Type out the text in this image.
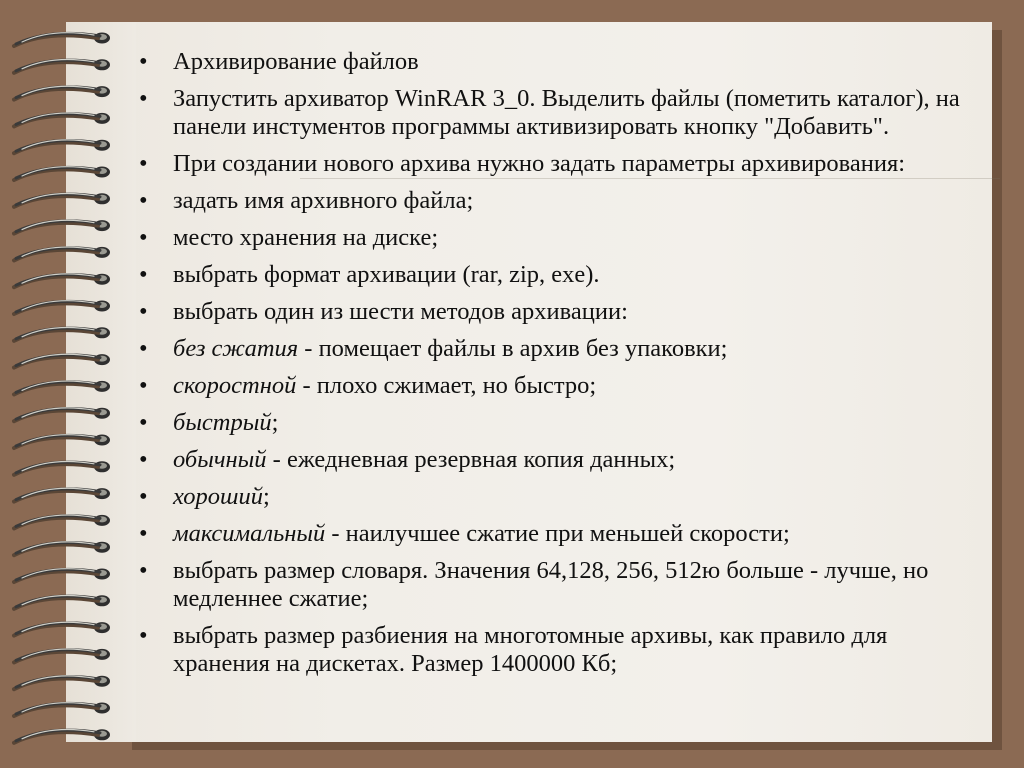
•	Архивирование файлов
•	Запустить архиватор WinRAR 3_0. Выделить файлы (пометить каталог), на панели инстументов программы активизировать кнопку "Добавить".
•	При создании нового архива нужно задать параметры архивирования:
•	задать имя архивного файла;
•	место хранения на диске;
•	выбрать формат архивации (rar, zip, exe).
•	выбрать один из шести методов архивации:
•	без сжатия - помещает файлы в архив без упаковки;
•	скоростной - плохо сжимает, но быстро;
•	быстрый;
•	обычный - ежедневная резервная копия данных;
•	хороший;
•	максимальный - наилучшее сжатие при меньшей скорости;
•	выбрать размер словаря. Значения 64,128, 256, 512ю больше - лучше, но медленнее сжатие;
•	выбрать размер разбиения на многотомные архивы, как правило для хранения на дискетах. Размер 1400000 Кб;
